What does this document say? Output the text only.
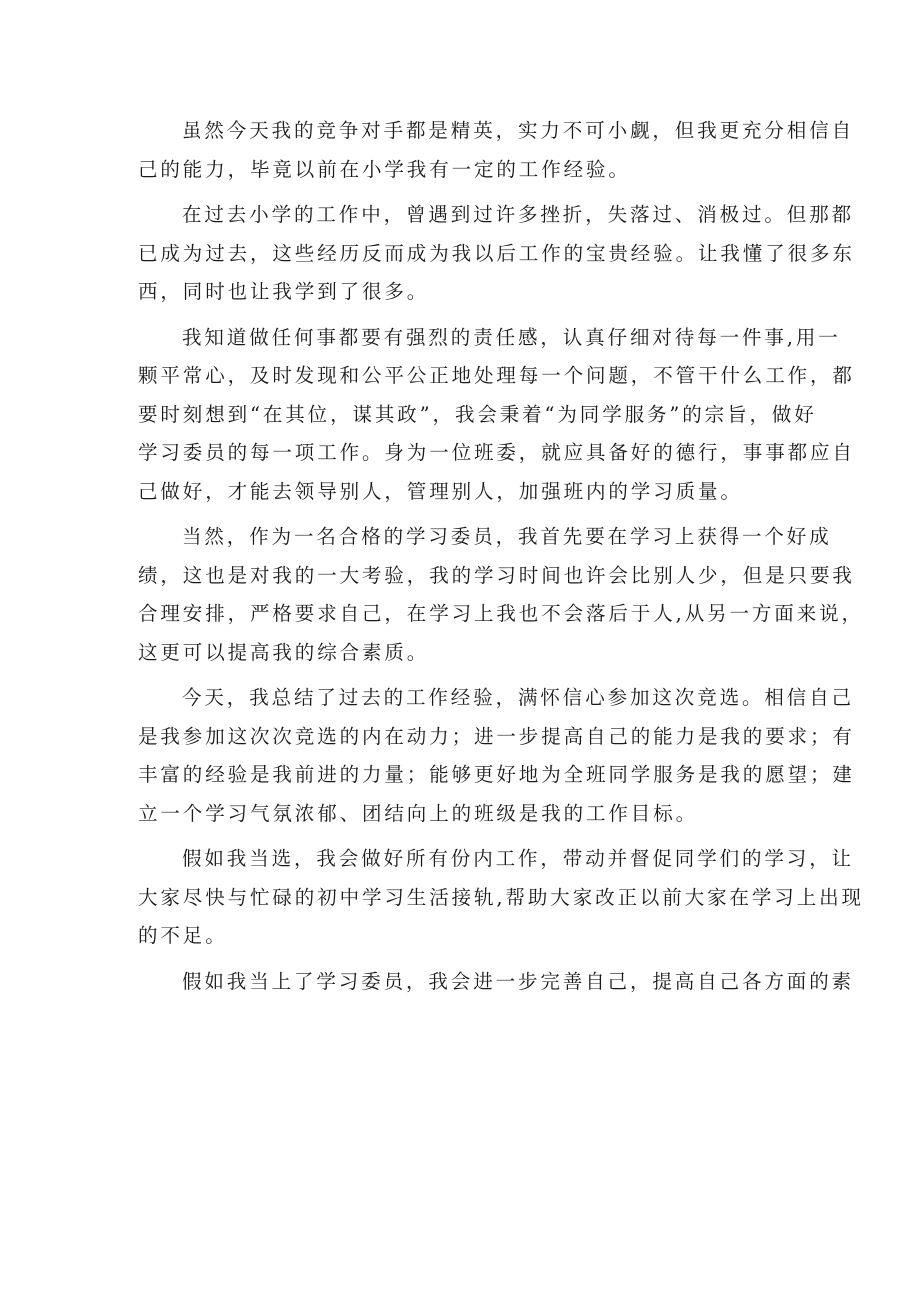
虽然今天我的竞争对手都是精英，实力不可小觑，但我更充分相信自
己的能力，毕竟以前在小学我有一定的工作经验。

在过去小学的工作中，曾遇到过许多挫折，失落过、消极过。但那都
已成为过去，这些经历反而成为我以后工作的宝贵经验。让我懂了很多东
西，同时也让我学到了很多。

我知道做任何事都要有强烈的责任感，认真仔细对待每一件事,用一
颗平常心，及时发现和公平公正地处理每一个问题，不管干什么工作，都
要时刻想到“在其位，谋其政”，我会秉着“为同学服务”的宗旨，做好
学习委员的每一项工作。身为一位班委，就应具备好的德行，事事都应自
己做好，才能去领导别人，管理别人，加强班内的学习质量。

当然，作为一名合格的学习委员，我首先要在学习上获得一个好成
绩，这也是对我的一大考验，我的学习时间也许会比别人少，但是只要我
合理安排，严格要求自己，在学习上我也不会落后于人,从另一方面来说，
这更可以提高我的综合素质。

今天，我总结了过去的工作经验，满怀信心参加这次竞选。相信自己
是我参加这次次竞选的内在动力；进一步提高自己的能力是我的要求；有
丰富的经验是我前进的力量；能够更好地为全班同学服务是我的愿望；建
立一个学习气氛浓郁、团结向上的班级是我的工作目标。

假如我当选，我会做好所有份内工作，带动并督促同学们的学习，让
大家尽快与忙碌的初中学习生活接轨,帮助大家改正以前大家在学习上出现
的不足。

假如我当上了学习委员，我会进一步完善自己，提高自己各方面的素
